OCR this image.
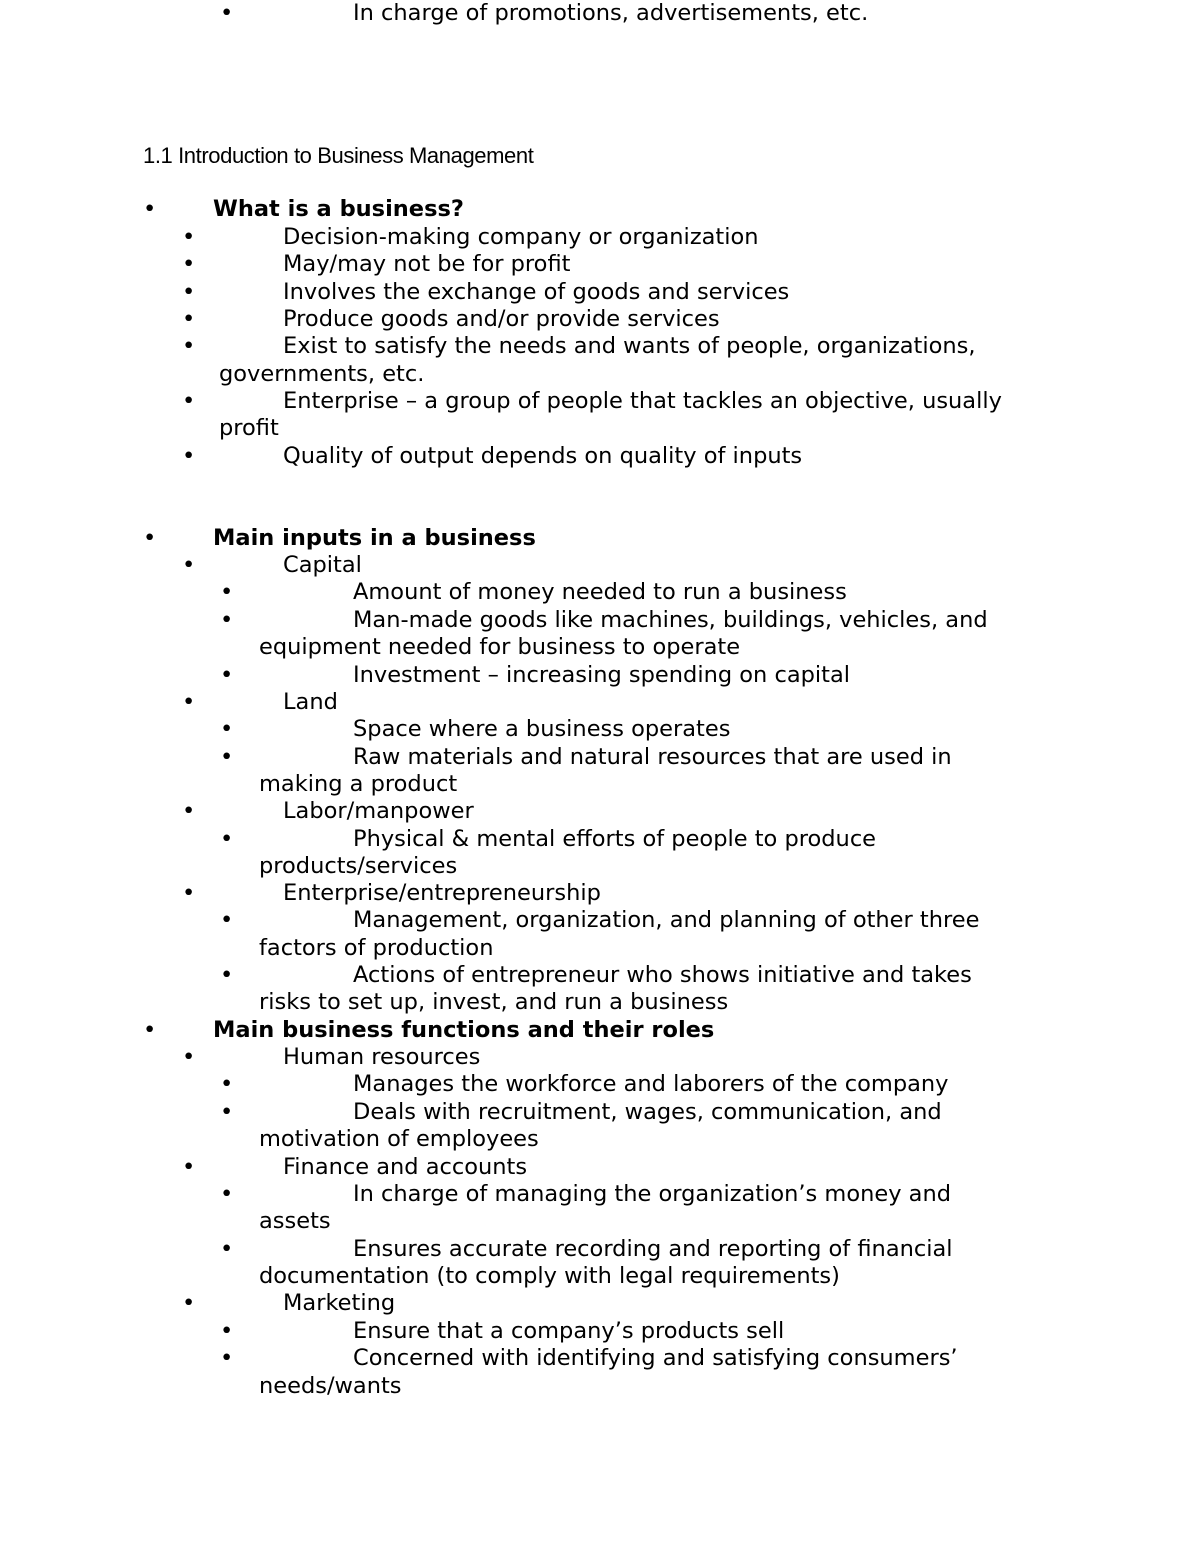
1.1 Introduction to Business Management
•	What is a business?
•	Decision-making company or organization
•	May/may not be for profit
•	Involves the exchange of goods and services
•	Produce goods and/or provide services
•	Exist to satisfy the needs and wants of people, organizations,
governments, etc.
•	Enterprise – a group of people that tackles an objective, usually
profit
•	Quality of output depends on quality of inputs
•	Main inputs in a business
•	Capital
•	Amount of money needed to run a business
•	Man-made goods like machines, buildings, vehicles, and
equipment needed for business to operate
•	Investment – increasing spending on capital
•	Land
•	Space where a business operates
•	Raw materials and natural resources that are used in
making a product
•	Labor/manpower
•	Physical & mental efforts of people to produce
products/services
•	Enterprise/entrepreneurship
•	Management, organization, and planning of other three
factors of production
•	Actions of entrepreneur who shows initiative and takes
risks to set up, invest, and run a business
•	Main business functions and their roles
•	Human resources
•	Manages the workforce and laborers of the company
•	Deals with recruitment, wages, communication, and
motivation of employees
•	Finance and accounts
•	In charge of managing the organization’s money and
assets
•	Ensures accurate recording and reporting of financial
documentation (to comply with legal requirements)
•	Marketing
•	Ensure that a company’s products sell
•	Concerned with identifying and satisfying consumers’
needs/wants
•	In charge of promotions, advertisements, etc.
